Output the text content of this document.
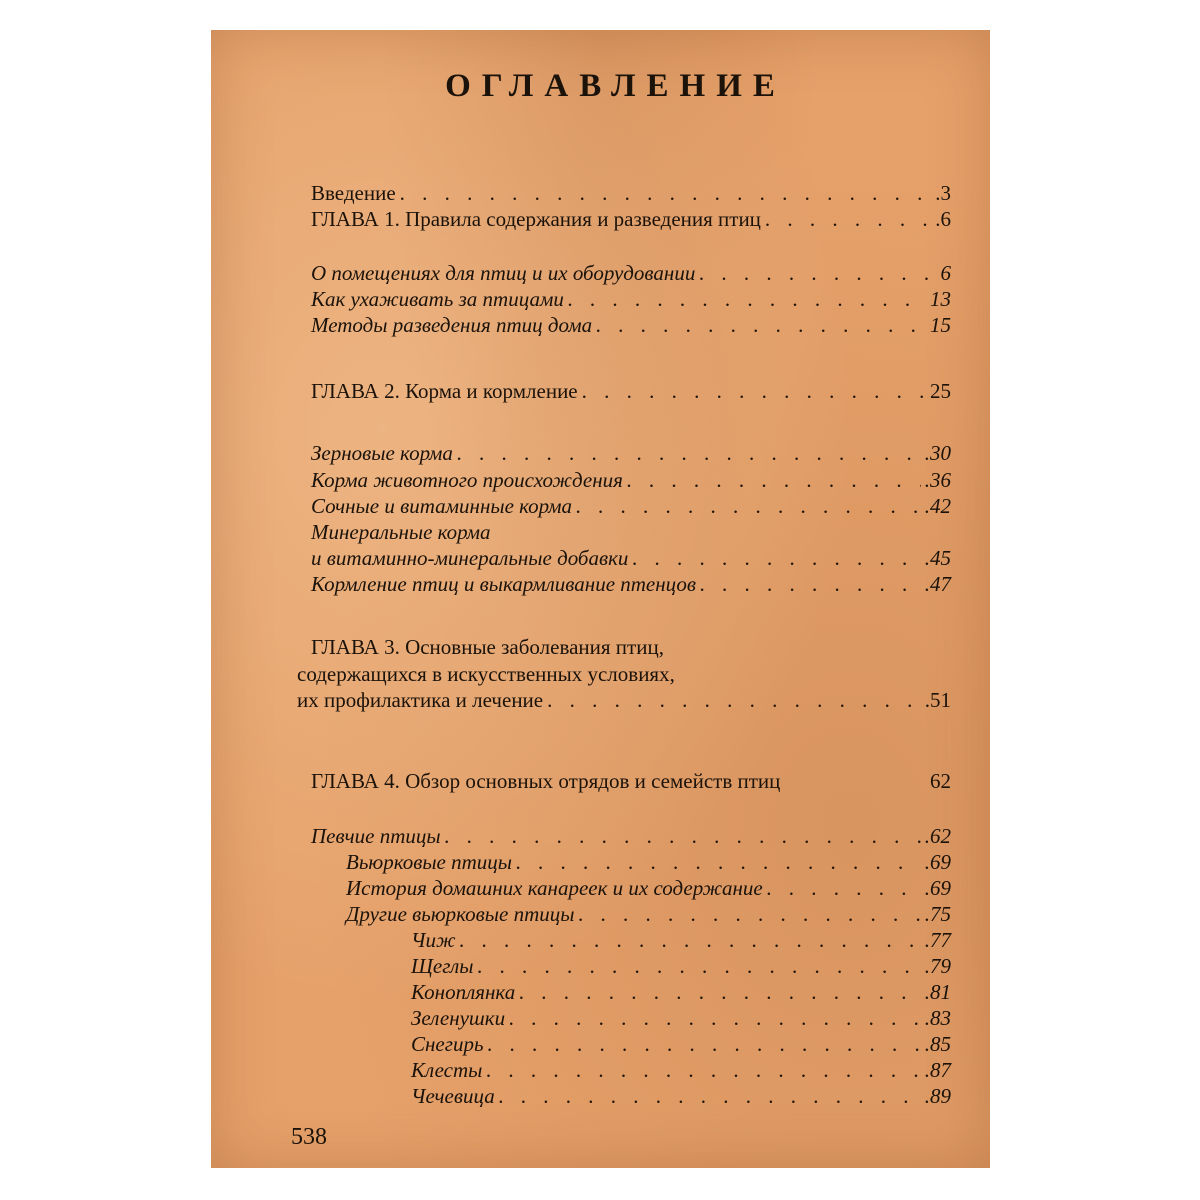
ОГЛАВЛЕНИЕ
Введение . . .	.3
ГЛАВА 1. Правила содержания и разведения птиц . . .	.6
О помещениях для птиц и их оборудовании . . .	6
Как ухаживать за птицами . . .	13
Методы разведения птиц дома . . .	15
ГЛАВА 2. Корма и кормление . . .	25
Зерновые корма . . .	.30
Корма животного происхождения . . .	.36
Сочные и витаминные корма . . .	.42
Минеральные корма
и витаминно-минеральные добавки . . .	.45
Кормление птиц и выкармливание птенцов . . .	.47
ГЛАВА 3. Основные заболевания птиц,
содержащихся в искусственных условиях,
их профилактика и лечение . . .	.51
ГЛАВА 4. Обзор основных отрядов и семейств птиц	62
Певчие птицы . . .	.62
Вьюрковые птицы . . .	.69
История домашних канареек и их содержание . . .	.69
Другие вьюрковые птицы . . .	.75
Чиж . . .	.77
Щеглы . . .	.79
Коноплянка . . .	.81
Зеленушки . . .	.83
Снегирь . . .	.85
Клесты . . .	.87
Чечевица . . .	.89
538
